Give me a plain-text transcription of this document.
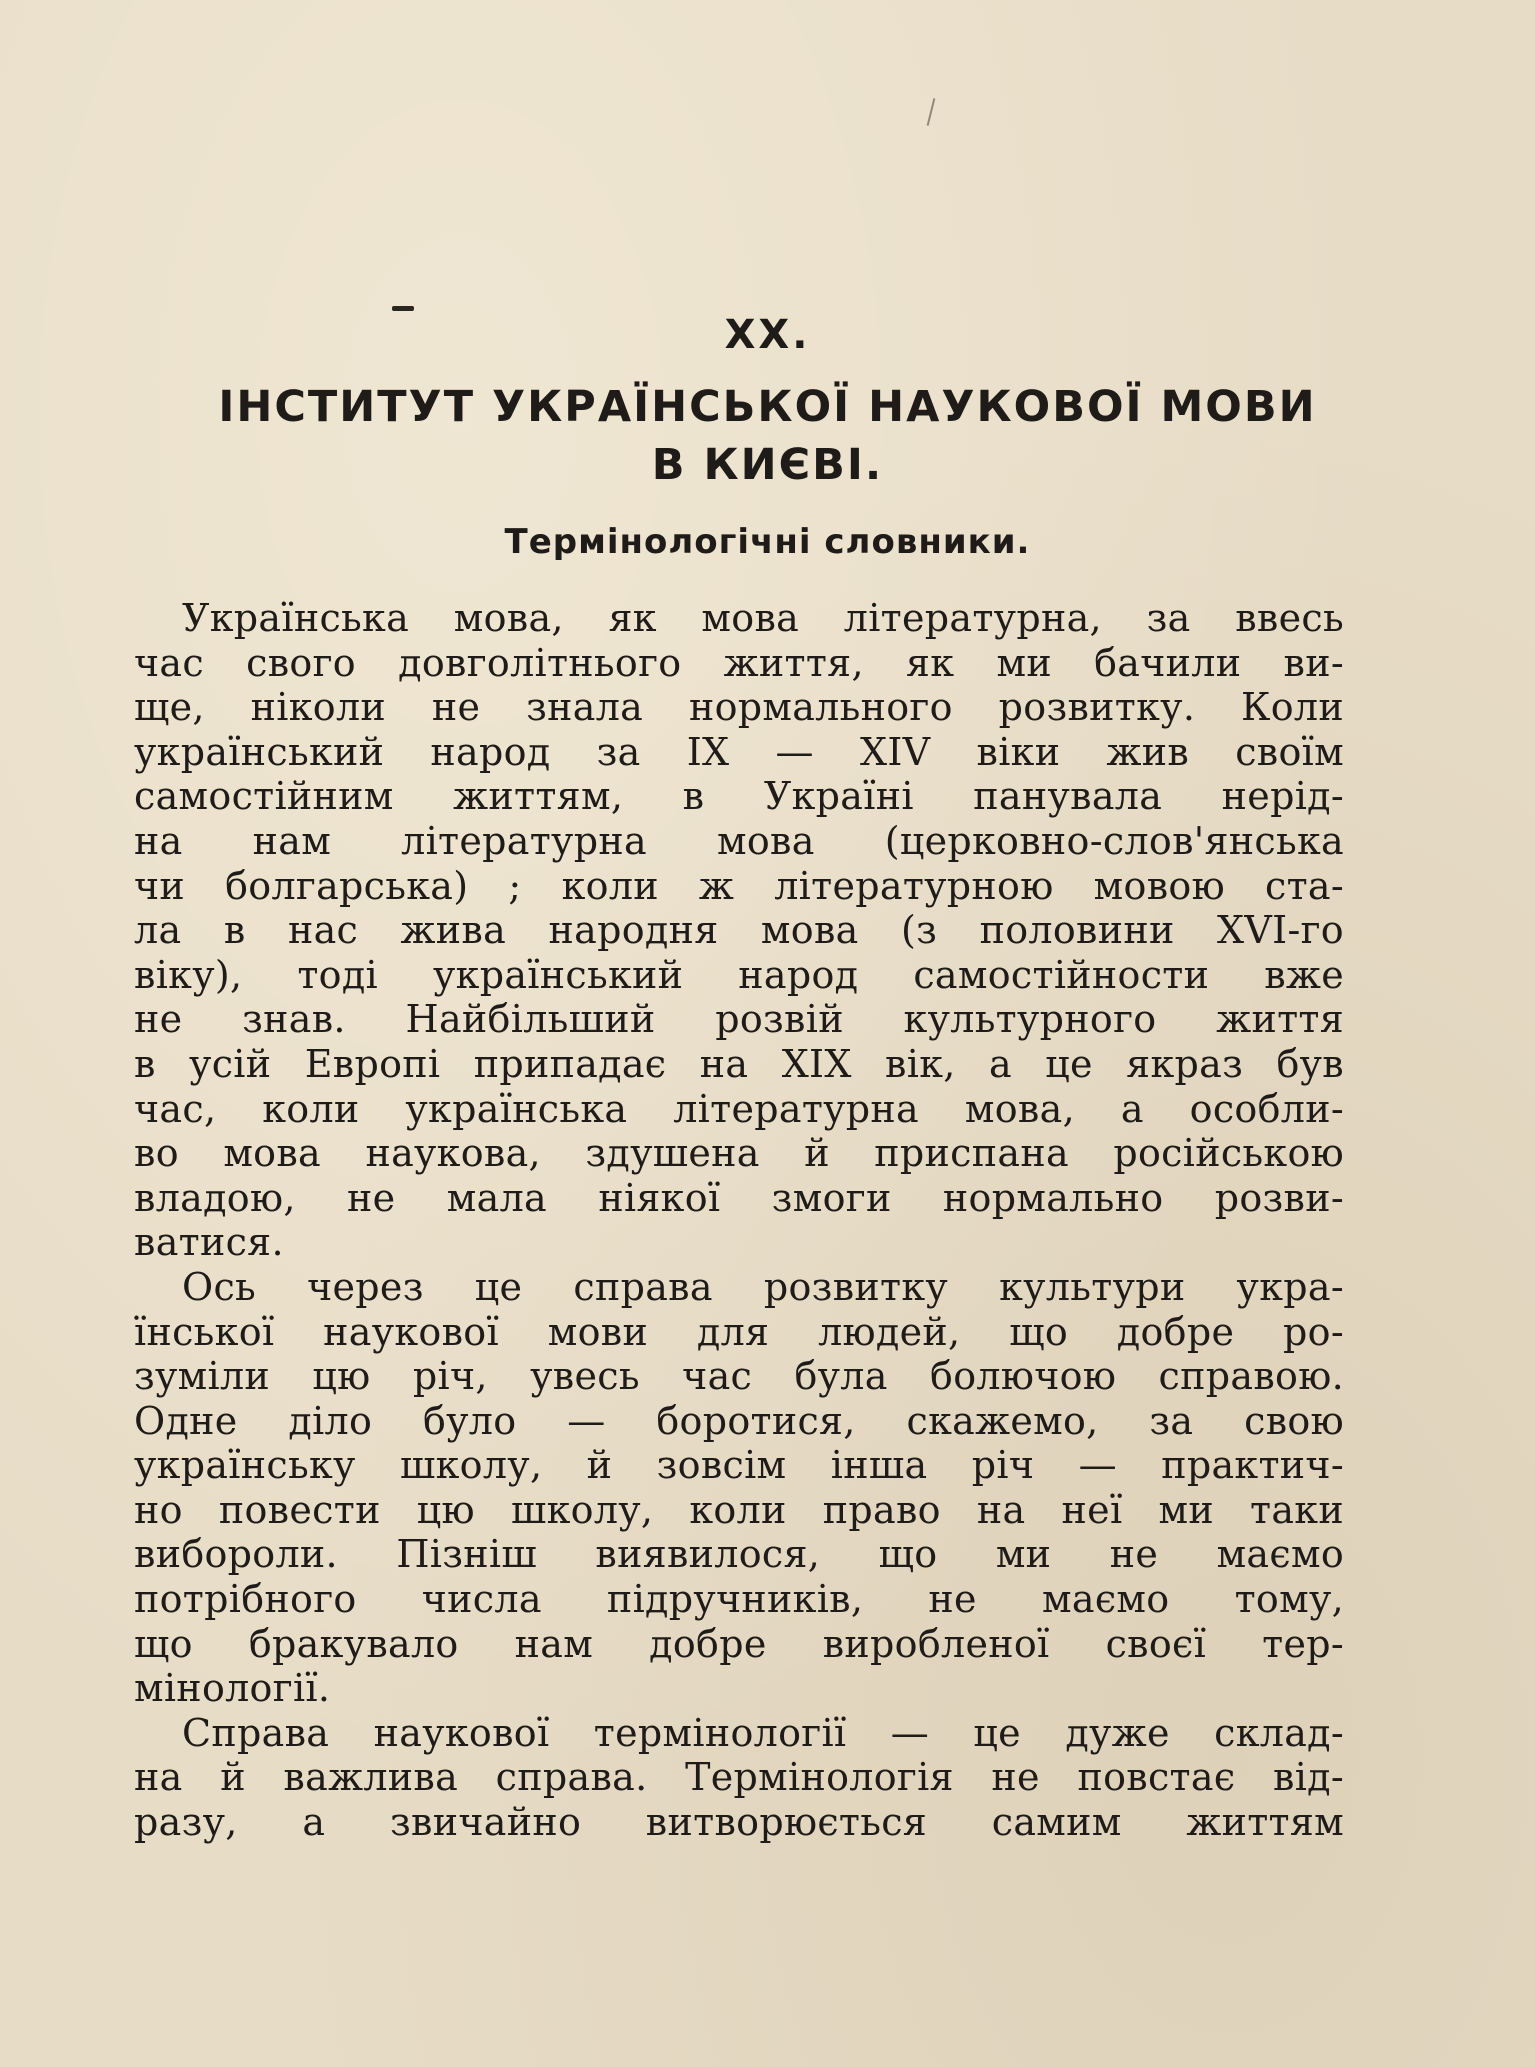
XX.
ІНСТИТУТ УКРАЇНСЬКОЇ НАУКОВОЇ МОВИ
В КИЄВІ.
Термінологічні словники.
Українська мова, як мова літературна, за ввесь
час свого довголітнього життя, як ми бачили ви-
ще, ніколи не знала нормального розвитку. Коли
український народ за IX — XIV віки жив своїм
самостійним життям, в Україні панувала нерід-
на нам літературна мова (церковно-слов'янська
чи болгарська) ; коли ж літературною мовою ста-
ла в нас жива народня мова (з половини XVI-го
віку), тоді український народ самостійности вже
не знав. Найбільший розвій культурного життя
в усій Европі припадає на XIX вік, а це якраз був
час, коли українська літературна мова, а особли-
во мова наукова, здушена й приспана російською
владою, не мала ніякої змоги нормально розви-
ватися.
Ось через це справа розвитку культури укра-
їнської наукової мови для людей, що добре ро-
зуміли цю річ, увесь час була болючою справою.
Одне діло було — боротися, скажемо, за свою
українську школу, й зовсім інша річ — практич-
но повести цю школу, коли право на неї ми таки
вибороли. Пізніш виявилося, що ми не маємо
потрібного числа підручників, не маємо тому,
що бракувало нам добре виробленої своєї тер-
мінології.
Справа наукової термінології — це дуже склад-
на й важлива справа. Термінологія не повстає від-
разу, а звичайно витворюється самим життям
